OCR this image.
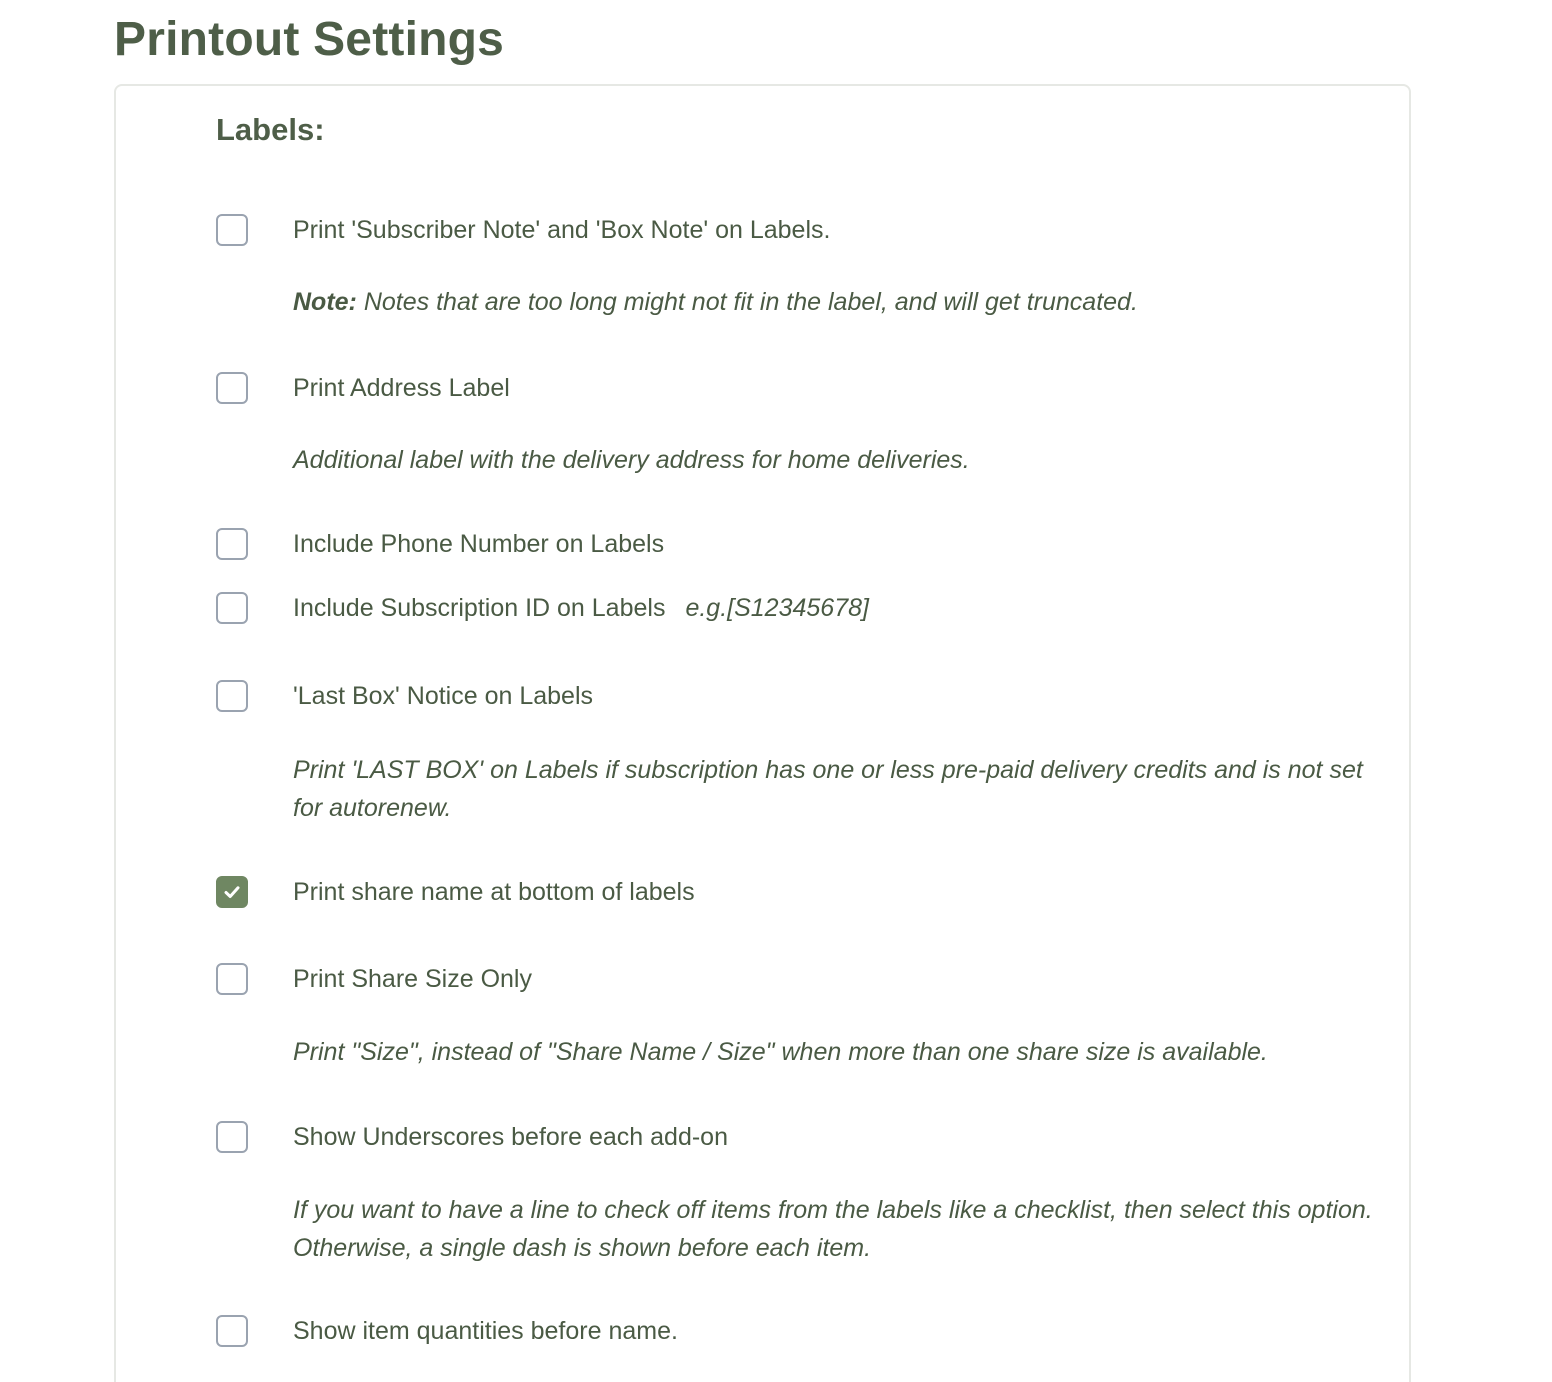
Printout Settings
Labels:
Print 'Subscriber Note' and 'Box Note' on Labels.

Note: Notes that are too long might not fit in the label, and will get truncated.

Print Address Label

Additional label with the delivery address for home deliveries.

Include Phone Number on Labels
Include Subscription ID on Labels e.g.[S12345678]
'Last Box' Notice on Labels

Print 'LAST BOX' on Labels if subscription has one or less pre-paid delivery credits and is not set for autorenew.

Print share name at bottom of labels
Print Share Size Only

Print "Size", instead of "Share Name / Size" when more than one share size is available.

Show Underscores before each add-on

If you want to have a line to check off items from the labels like a checklist, then select this option. Otherwise, a single dash is shown before each item.

Show item quantities before name.
